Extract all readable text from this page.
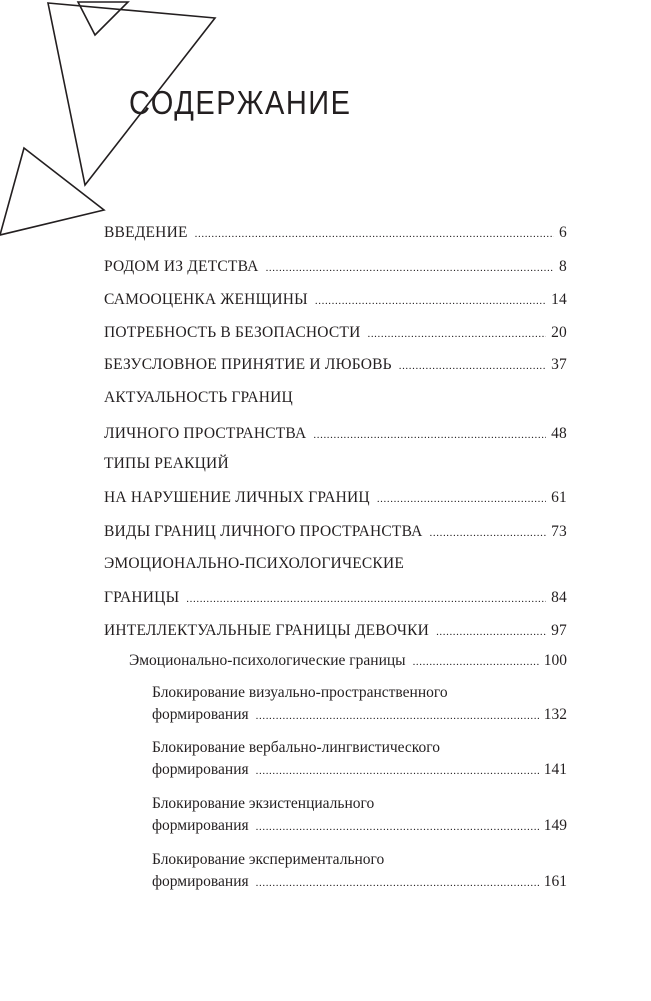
СОДЕРЖАНИЕ
ВВЕДЕНИЕ .....	6
РОДОМ ИЗ ДЕТСТВА .....	8
САМООЦЕНКА ЖЕНЩИНЫ .....	14
ПОТРЕБНОСТЬ В БЕЗОПАСНОСТИ .....	20
БЕЗУСЛОВНОЕ ПРИНЯТИЕ И ЛЮБОВЬ .....	37
АКТУАЛЬНОСТЬ ГРАНИЦ
ЛИЧНОГО ПРОСТРАНСТВА .....	48
ТИПЫ РЕАКЦИЙ
НА НАРУШЕНИЕ ЛИЧНЫХ ГРАНИЦ .....	61
ВИДЫ ГРАНИЦ ЛИЧНОГО ПРОСТРАНСТВА .....	73
ЭМОЦИОНАЛЬНО-ПСИХОЛОГИЧЕСКИЕ
ГРАНИЦЫ .....	84
ИНТЕЛЛЕКТУАЛЬНЫЕ ГРАНИЦЫ ДЕВОЧКИ .....	97
Эмоционально-психологические границы .....	100
Блокирование визуально-пространственного
формирования .....	132
Блокирование вербально-лингвистического
формирования .....	141
Блокирование экзистенциального
формирования .....	149
Блокирование экспериментального
формирования .....	161
